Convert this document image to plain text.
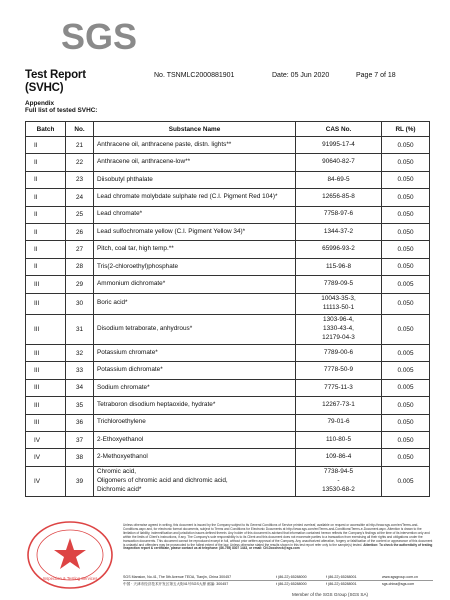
SGS
Test Report
(SVHC)
No. TSNMLC2000881901	Date: 05 Jun 2020	Page 7 of 18
Appendix
Full list of tested SVHC:
Batch	No.	Substance Name	CAS No.	RL (%)
II	21	Anthracene oil, anthracene paste, distn. lights**	91995-17-4	0.050
II	22	Anthracene oil, anthracene-low**	90640-82-7	0.050
II	23	Diisobutyl phthalate	84-69-5	0.050
II	24	Lead chromate molybdate sulphate red (C.I. Pigment Red 104)*	12656-85-8	0.050
II	25	Lead chromate*	7758-97-6	0.050
II	26	Lead sulfochromate yellow (C.I. Pigment Yellow 34)*	1344-37-2	0.050
II	27	Pitch, coal tar, high temp.**	65996-93-2	0.050
II	28	Tris(2-chloroethyl)phosphate	115-96-8	0.050
III	29	Ammonium dichromate*	7789-09-5	0.005
III	30	Boric acid*	10043-35-3,
11113-50-1	0.050
III	31	Disodium tetraborate, anhydrous*	1303-96-4,
1330-43-4,
12179-04-3	0.050
III	32	Potassium chromate*	7789-00-6	0.005
III	33	Potassium dichromate*	7778-50-9	0.005
III	34	Sodium chromate*	7775-11-3	0.005
III	35	Tetraboron disodium heptaoxide, hydrate*	12267-73-1	0.050
III	36	Trichloroethylene	79-01-6	0.050
IV	37	2-Ethoxyethanol	110-80-5	0.050
IV	38	2-Methoxyethanol	109-86-4	0.050
IV	39	Chromic acid,
Oligomers of chromic acid and dichromic acid,
Dichromic acid*	7738-94-5
-
13530-68-2	0.005
Inspection & Testing Services
Unless otherwise agreed in writing, this document is issued by the Company subject to its General Conditions of Service printed overleaf, available on request or accessible at http://www.sgs.com/en/Terms-and-Conditions.aspx and, for electronic format documents, subject to Terms and Conditions for Electronic Documents at http://www.sgs.com/en/Terms-and-Conditions/Terms-e-Document.aspx. Attention is drawn to the limitation of liability, indemnification and jurisdiction issues defined therein. Any holder of this document is advised that information contained hereon reflects the Company's findings at the time of its intervention only and within the limits of Client's instructions, if any. The Company's sole responsibility is to its Client and this document does not exonerate parties to a transaction from exercising all their rights and obligations under the transaction documents. This document cannot be reproduced except in full, without prior written approval of the Company. Any unauthorized alteration, forgery or falsification of the content or appearance of this document is unlawful and offenders may be prosecuted to the fullest extent of the law. Unless otherwise stated the results shown in this test report refer only to the sample(s) tested. Attention: To check the authenticity of testing /inspection report & certificate, please contact us at telephone: (86-755) 8307 1443, or email: CN.Doccheck@sgs.com
SGS Mansion, No.41, The 5th Avenue TEDA, Tianjin, China 300457
中国 · 天津市经济技术开发区第五大街41号SGS大厦 邮编: 300457
t (86-22) 65288000
t (86-22) 65288000
f (86-22) 65288001
f (86-22) 65288001
www.sgsgroup.com.cn
sgs.china@sgs.com
Member of the SGS Group (SGS SA)
